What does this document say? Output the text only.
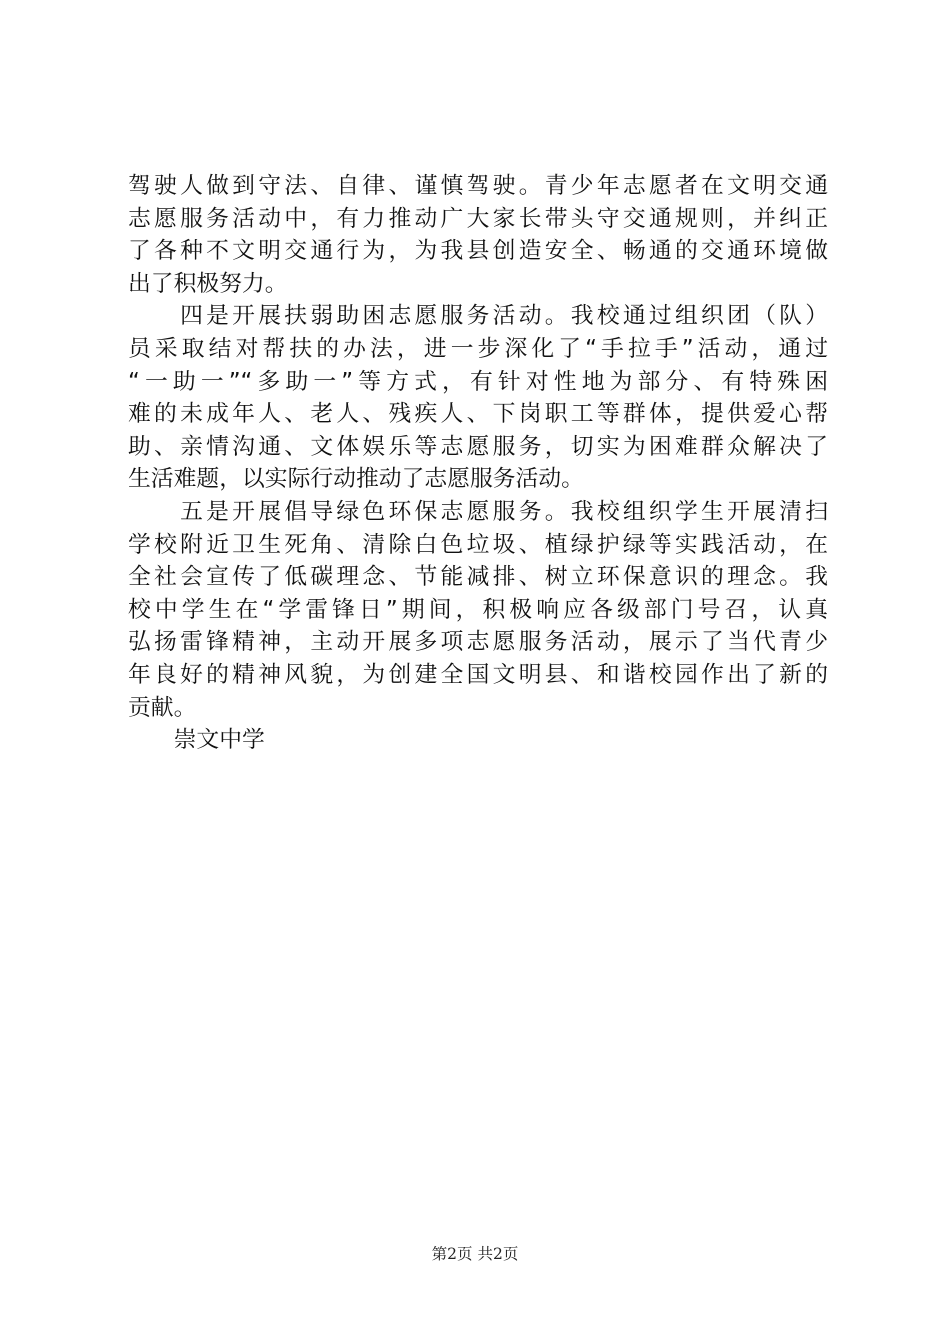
驾驶人做到守法、自律、谨慎驾驶。青少年志愿者在文明交通
志愿服务活动中，有力推动广大家长带头守交通规则，并纠正
了各种不文明交通行为，为我县创造安全、畅通的交通环境做
出了积极努力。
　　四是开展扶弱助困志愿服务活动。我校通过组织团（队）
员采取结对帮扶的办法，进一步深化了“手拉手”活动，通过
“一助一”“多助一”等方式，有针对性地为部分、有特殊困
难的未成年人、老人、残疾人、下岗职工等群体，提供爱心帮
助、亲情沟通、文体娱乐等志愿服务，切实为困难群众解决了
生活难题，以实际行动推动了志愿服务活动。
　　五是开展倡导绿色环保志愿服务。我校组织学生开展清扫
学校附近卫生死角、清除白色垃圾、植绿护绿等实践活动，在
全社会宣传了低碳理念、节能减排、树立环保意识的理念。我
校中学生在“学雷锋日”期间，积极响应各级部门号召，认真
弘扬雷锋精神，主动开展多项志愿服务活动，展示了当代青少
年良好的精神风貌，为创建全国文明县、和谐校园作出了新的
贡献。
　　崇文中学
第2页 共2页
